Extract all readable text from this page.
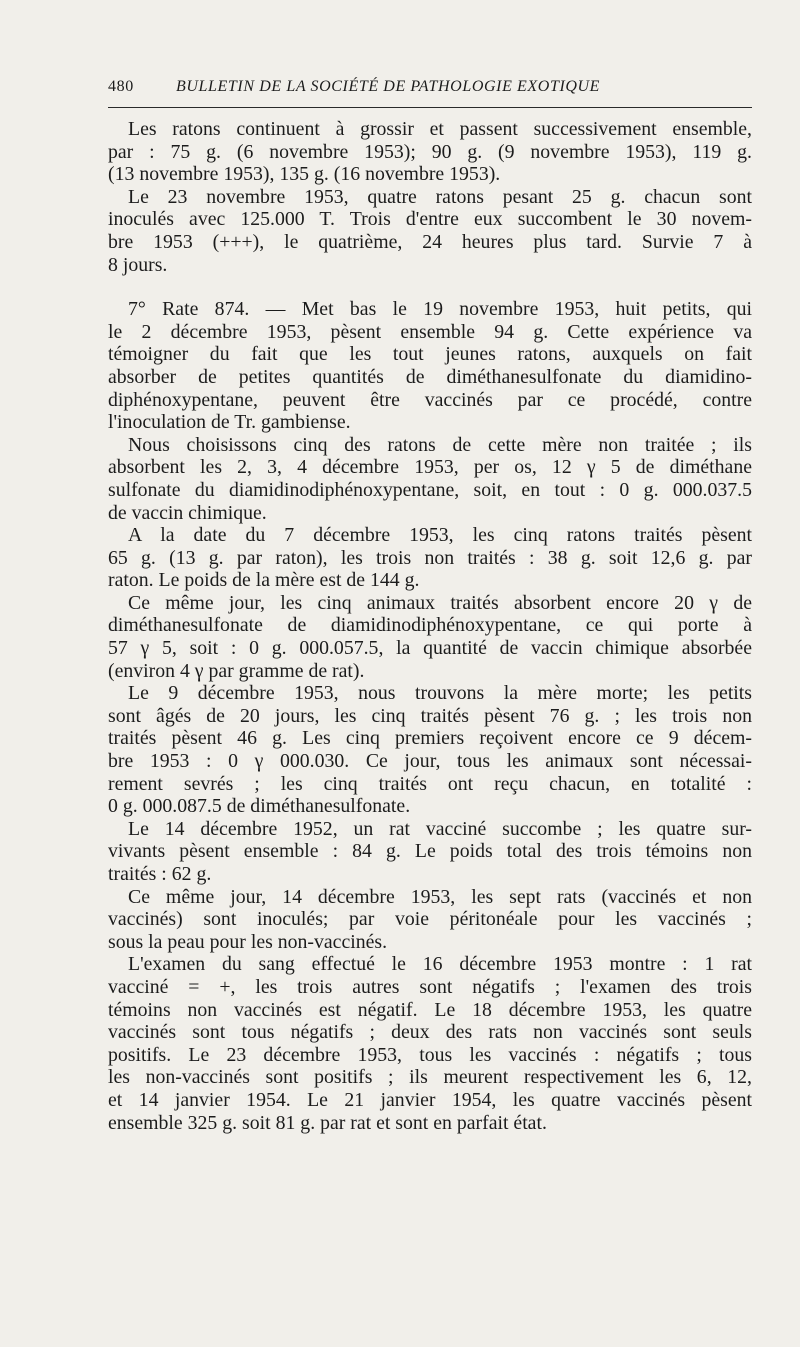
480	BULLETIN DE LA SOCIÉTÉ DE PATHOLOGIE EXOTIQUE
Les ratons continuent à grossir et passent successivement ensemble,
par : 75 g. (6 novembre 1953); 90 g. (9 novembre 1953), 119 g.
(13 novembre 1953), 135 g. (16 novembre 1953).
Le 23 novembre 1953, quatre ratons pesant 25 g. chacun sont
inoculés avec 125.000 T. Trois d'entre eux succombent le 30 novem-
bre 1953 (+++), le quatrième, 24 heures plus tard. Survie 7 à
8 jours.
7° Rate 874. — Met bas le 19 novembre 1953, huit petits, qui
le 2 décembre 1953, pèsent ensemble 94 g. Cette expérience va
témoigner du fait que les tout jeunes ratons, auxquels on fait
absorber de petites quantités de diméthanesulfonate du diamidino-
diphénoxypentane, peuvent être vaccinés par ce procédé, contre
l'inoculation de Tr. gambiense.
Nous choisissons cinq des ratons de cette mère non traitée ; ils
absorbent les 2, 3, 4 décembre 1953, per os, 12 γ 5 de diméthane
sulfonate du diamidinodiphénoxypentane, soit, en tout : 0 g. 000.037.5
de vaccin chimique.
A la date du 7 décembre 1953, les cinq ratons traités pèsent
65 g. (13 g. par raton), les trois non traités : 38 g. soit 12,6 g. par
raton. Le poids de la mère est de 144 g.
Ce même jour, les cinq animaux traités absorbent encore 20 γ de
diméthanesulfonate de diamidinodiphénoxypentane, ce qui porte à
57 γ 5, soit : 0 g. 000.057.5, la quantité de vaccin chimique absorbée
(environ 4 γ par gramme de rat).
Le 9 décembre 1953, nous trouvons la mère morte; les petits
sont âgés de 20 jours, les cinq traités pèsent 76 g. ; les trois non
traités pèsent 46 g. Les cinq premiers reçoivent encore ce 9 décem-
bre 1953 : 0 γ 000.030. Ce jour, tous les animaux sont nécessai-
rement sevrés ; les cinq traités ont reçu chacun, en totalité :
0 g. 000.087.5 de diméthanesulfonate.
Le 14 décembre 1952, un rat vacciné succombe ; les quatre sur-
vivants pèsent ensemble : 84 g. Le poids total des trois témoins non
traités : 62 g.
Ce même jour, 14 décembre 1953, les sept rats (vaccinés et non
vaccinés) sont inoculés; par voie péritonéale pour les vaccinés ;
sous la peau pour les non-vaccinés.
L'examen du sang effectué le 16 décembre 1953 montre : 1 rat
vacciné = +, les trois autres sont négatifs ; l'examen des trois
témoins non vaccinés est négatif. Le 18 décembre 1953, les quatre
vaccinés sont tous négatifs ; deux des rats non vaccinés sont seuls
positifs. Le 23 décembre 1953, tous les vaccinés : négatifs ; tous
les non-vaccinés sont positifs ; ils meurent respectivement les 6, 12,
et 14 janvier 1954. Le 21 janvier 1954, les quatre vaccinés pèsent
ensemble 325 g. soit 81 g. par rat et sont en parfait état.
